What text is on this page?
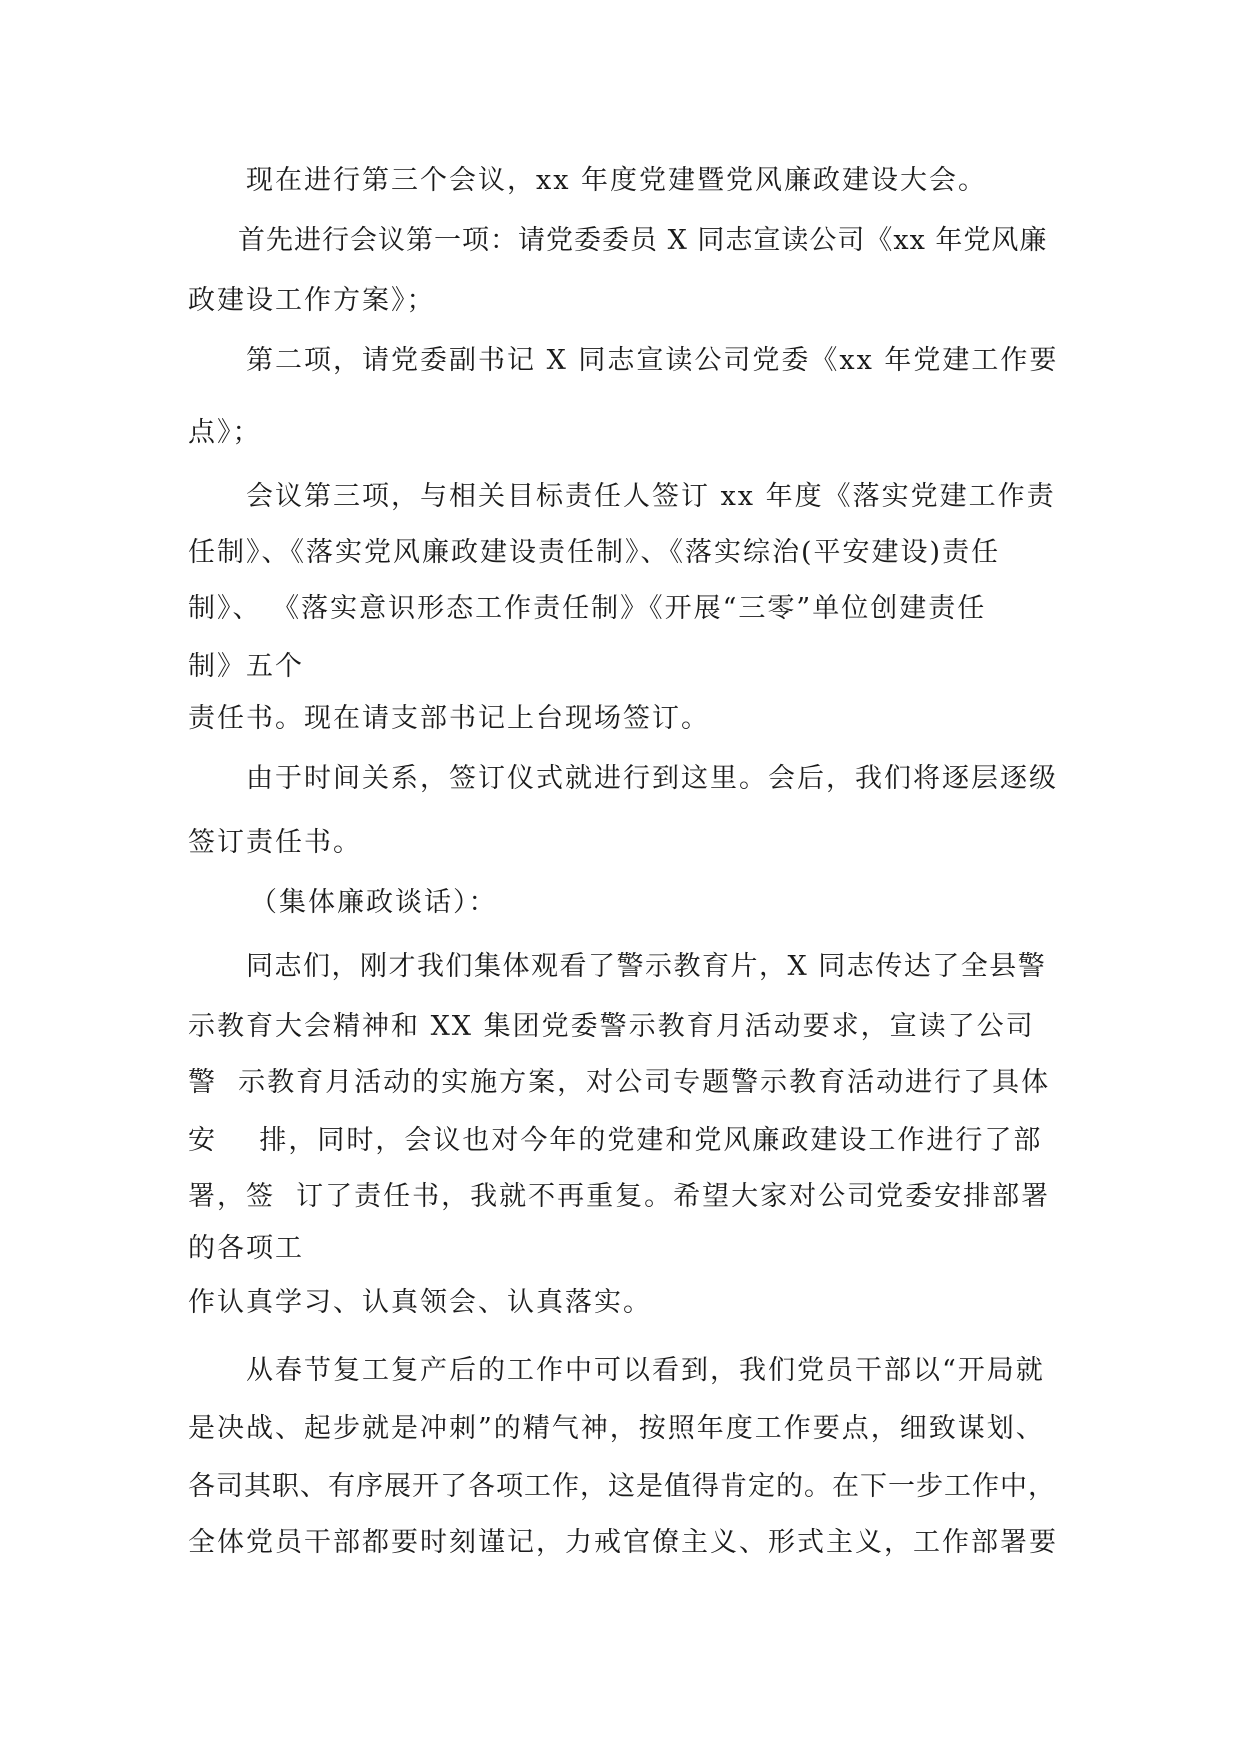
现在进行第三个会议，xx 年度党建暨党风廉政建设大会。

首先进行会议第一项：请党委委员 X 同志宣读公司《xx 年党风廉

政建设工作方案》；

第二项，请党委副书记 X 同志宣读公司党委《xx 年党建工作要

点》；

会议第三项，与相关目标责任人签订 xx 年度《落实党建工作责

任制》、《落实党风廉政建设责任制》、《落实综治(平安建设)责任

制》、 《落实意识形态工作责任制》《开展“三零”单位创建责任

制》五个

责任书。现在请支部书记上台现场签订。

由于时间关系，签订仪式就进行到这里。会后，我们将逐层逐级

签订责任书。

（集体廉政谈话）：

同志们，刚才我们集体观看了警示教育片，X 同志传达了全县警

示教育大会精神和 XX 集团党委警示教育月活动要求，宣读了公司

警  示教育月活动的实施方案，对公司专题警示教育活动进行了具体

安    排，同时，会议也对今年的党建和党风廉政建设工作进行了部

署，签  订了责任书，我就不再重复。希望大家对公司党委安排部署

的各项工

作认真学习、认真领会、认真落实。

从春节复工复产后的工作中可以看到，我们党员干部以“开局就

是决战、起步就是冲刺”的精气神，按照年度工作要点，细致谋划、

各司其职、有序展开了各项工作，这是值得肯定的。在下一步工作中，

全体党员干部都要时刻谨记，力戒官僚主义、形式主义，工作部署要
